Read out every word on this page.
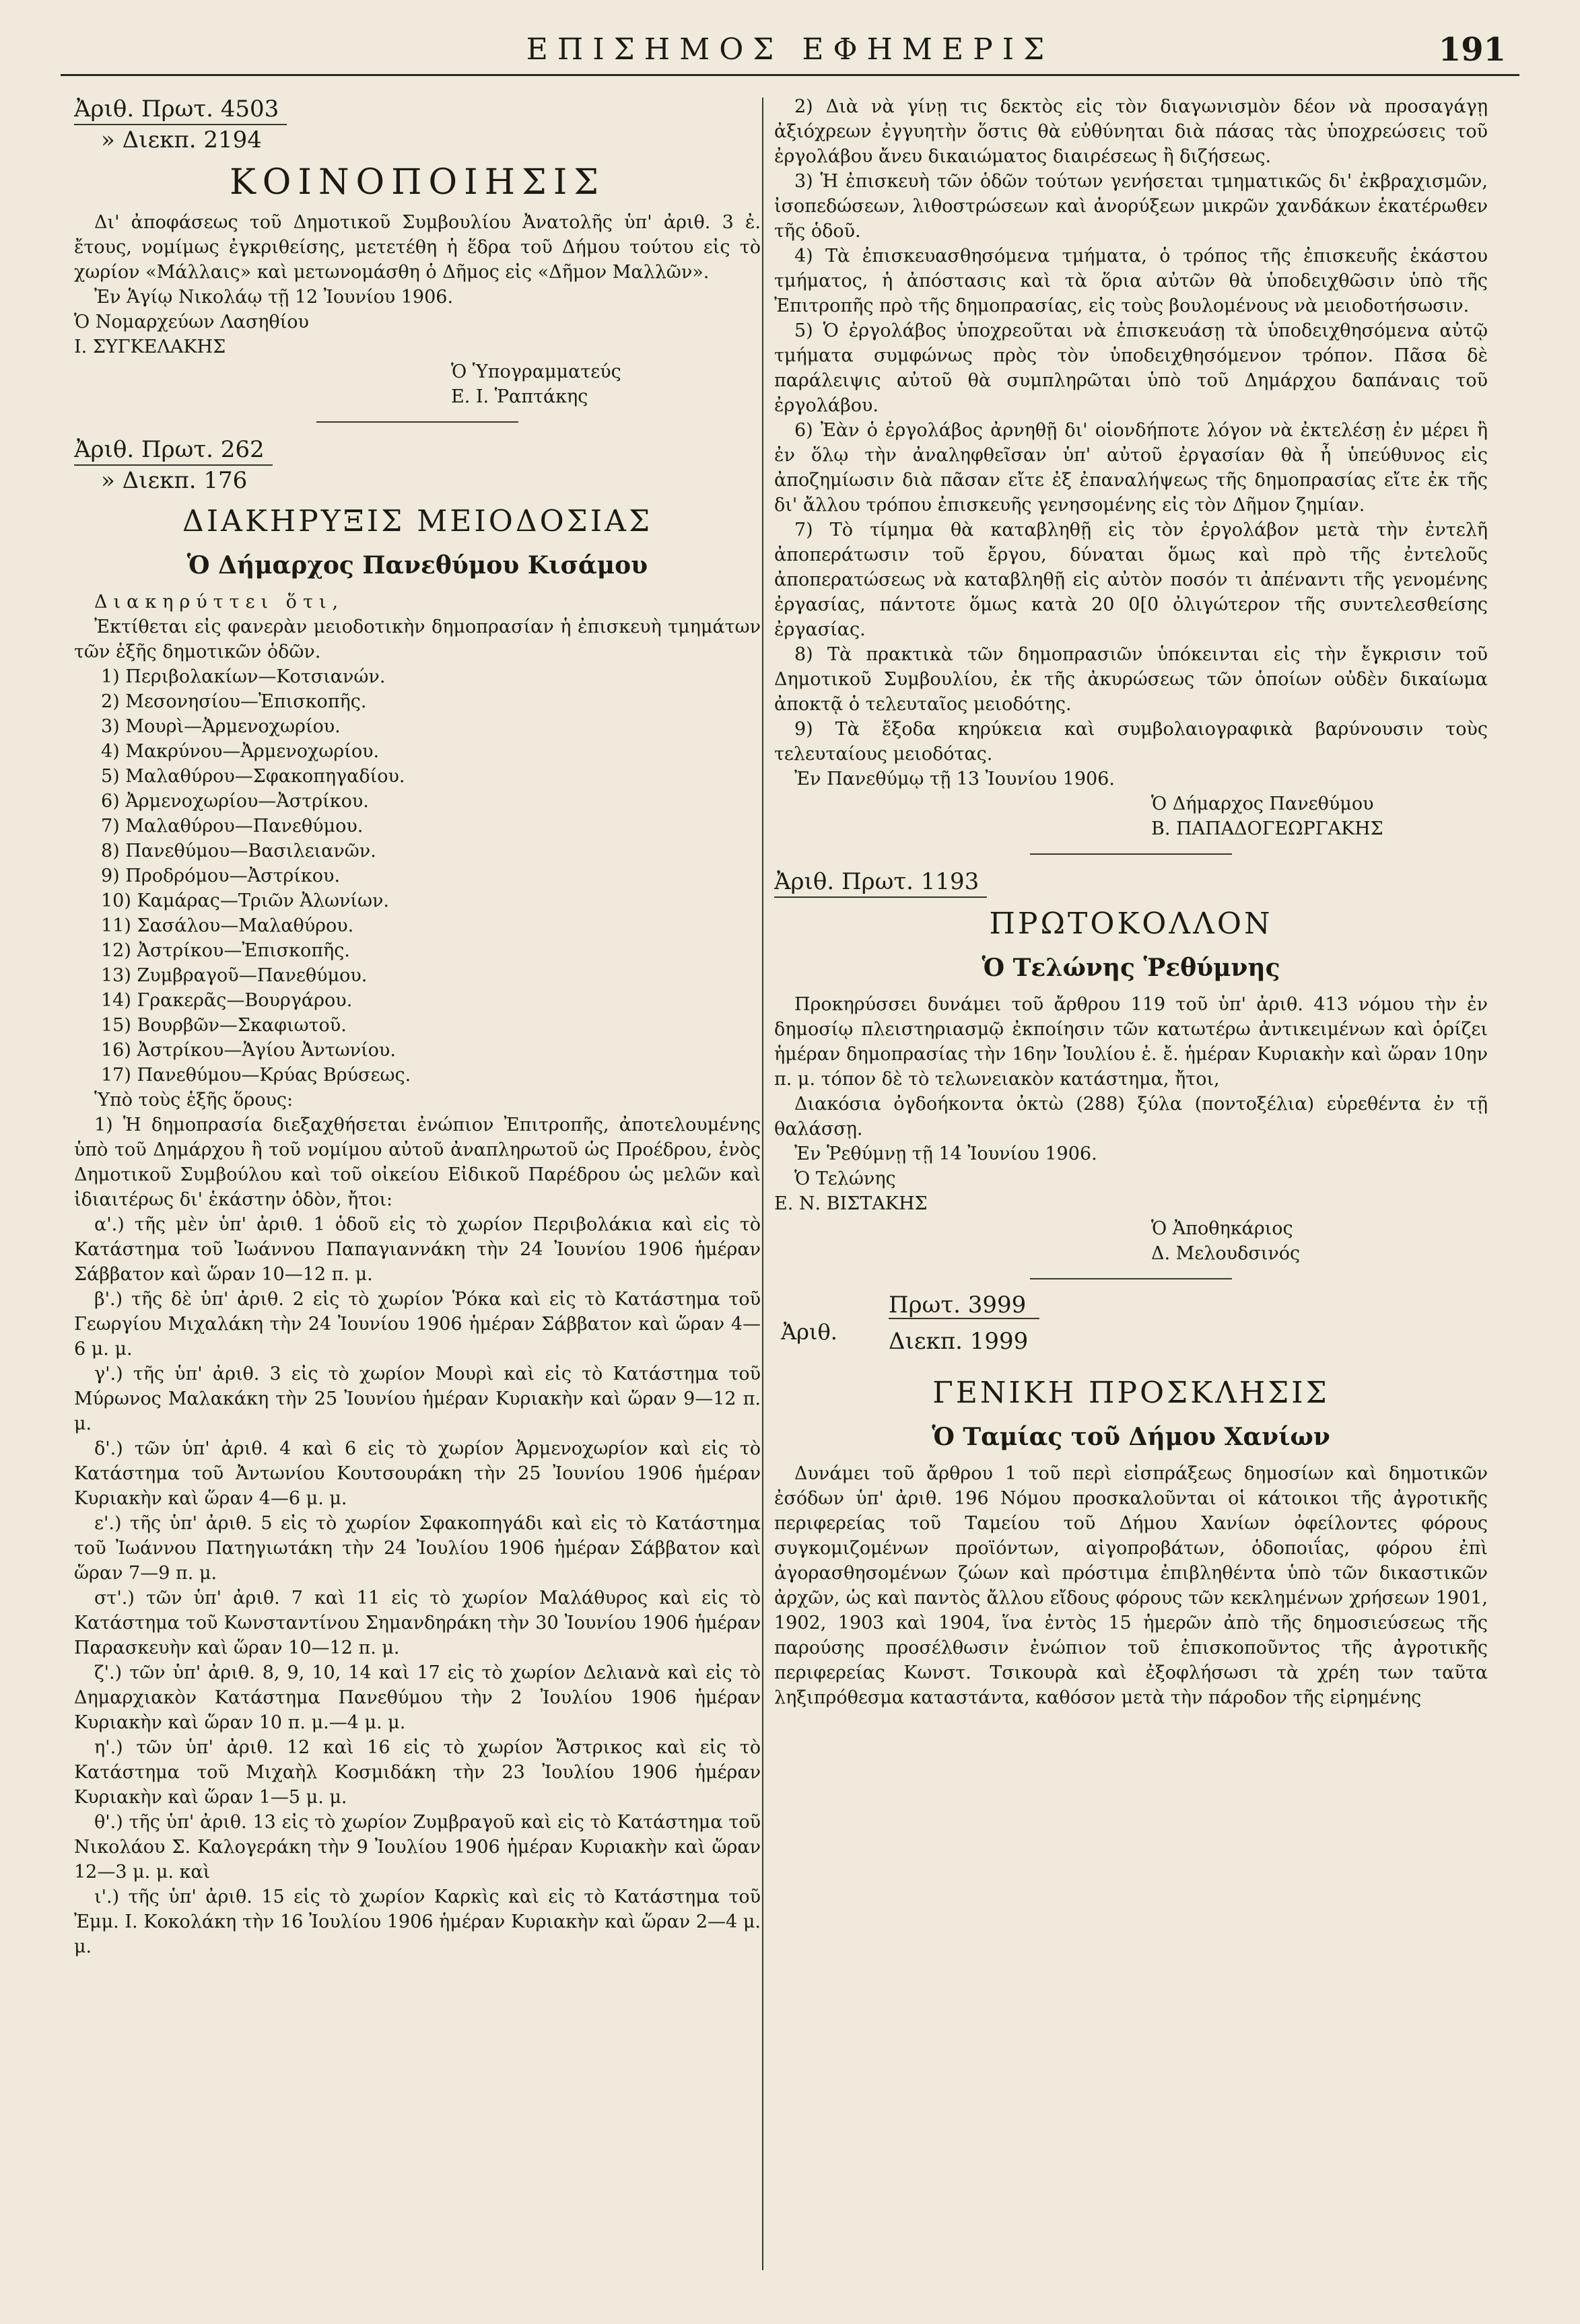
ΕΠΙΣΗΜΟΣ ΕΦΗΜΕΡΙΣ	191

Ἀριθ. Πρωτ. 4503

» Διεκπ. 2194

ΚΟΙΝΟΠΟΙΗΣΙΣ

Δι' ἀποφάσεως τοῦ Δημοτικοῦ Συμβουλίου Ἀνατολῆς ὑπ' ἀριθ. 3 ἐ. ἔτους, νομίμως ἐγκριθείσης, μετετέθη ἡ ἕδρα τοῦ Δήμου τούτου εἰς τὸ χωρίον «Μάλλαις» καὶ μετωνομάσθη ὁ Δῆμος εἰς «Δῆμον Μαλλῶν».

Ἐν Ἁγίῳ Νικολάῳ τῇ 12 Ἰουνίου 1906.

Ὁ Νομαρχεύων Λασηθίου

Ι. ΣΥΓΚΕΛΑΚΗΣ

Ὁ Ὑπογραμματεύς

Ε. Ι. Ῥαπτάκης

Ἀριθ. Πρωτ. 262

» Διεκπ. 176

ΔΙΑΚΗΡΥΞΙΣ ΜΕΙΟΔΟΣΙΑΣ
Ὁ Δήμαρχος Πανεθύμου Κισάμου

Διακηρύττει ὅτι,

Ἐκτίθεται εἰς φανερὰν μειοδοτικὴν δημοπρασίαν ἡ ἐπισκευὴ τμημάτων τῶν ἑξῆς δημοτικῶν ὁδῶν.

1) Περιβολακίων—Κοτσιανών.

2) Μεσονησίου—Ἐπισκοπῆς.

3) Μουρὶ—Ἀρμενοχωρίου.

4) Μακρύνου—Ἀρμενοχωρίου.

5) Μαλαθύρου—Σφακοπηγαδίου.

6) Ἀρμενοχωρίου—Ἀστρίκου.

7) Μαλαθύρου—Πανεθύμου.

8) Πανεθύμου—Βασιλειανῶν.

9) Προδρόμου—Ἀστρίκου.

10) Καμάρας—Τριῶν Ἀλωνίων.

11) Σασάλου—Μαλαθύρου.

12) Ἀστρίκου—Ἐπισκοπῆς.

13) Ζυμβραγοῦ—Πανεθύμου.

14) Γρακερᾶς—Βουργάρου.

15) Βουρβῶν—Σκαφιωτοῦ.

16) Ἀστρίκου—Ἁγίου Ἀντωνίου.

17) Πανεθύμου—Κρύας Βρύσεως.

Ὑπὸ τοὺς ἑξῆς ὅρους:

1) Ἡ δημοπρασία διεξαχθήσεται ἐνώπιον Ἐπιτροπῆς, ἀποτελουμένης ὑπὸ τοῦ Δημάρχου ἢ τοῦ νομίμου αὐτοῦ ἀναπληρωτοῦ ὡς Προέδρου, ἑνὸς Δημοτικοῦ Συμβούλου καὶ τοῦ οἰκείου Εἰδικοῦ Παρέδρου ὡς μελῶν καὶ ἰδιαιτέρως δι' ἑκάστην ὁδὸν, ἤτοι:

α'.) τῆς μὲν ὑπ' ἀριθ. 1 ὁδοῦ εἰς τὸ χωρίον Περιβολάκια καὶ εἰς τὸ Κατάστημα τοῦ Ἰωάννου Παπαγιαννάκη τὴν 24 Ἰουνίου 1906 ἡμέραν Σάββατον καὶ ὥραν 10—12 π. μ.

β'.) τῆς δὲ ὑπ' ἀριθ. 2 εἰς τὸ χωρίον Ῥόκα καὶ εἰς τὸ Κατάστημα τοῦ Γεωργίου Μιχαλάκη τὴν 24 Ἰουνίου 1906 ἡμέραν Σάββατον καὶ ὥραν 4—6 μ. μ.

γ'.) τῆς ὑπ' ἀριθ. 3 εἰς τὸ χωρίον Μουρὶ καὶ εἰς τὸ Κατάστημα τοῦ Μύρωνος Μαλακάκη τὴν 25 Ἰουνίου ἡμέραν Κυριακὴν καὶ ὥραν 9—12 π. μ.

δ'.) τῶν ὑπ' ἀριθ. 4 καὶ 6 εἰς τὸ χωρίον Ἀρμενοχωρίον καὶ εἰς τὸ Κατάστημα τοῦ Ἀντωνίου Κουτσουράκη τὴν 25 Ἰουνίου 1906 ἡμέραν Κυριακὴν καὶ ὥραν 4—6 μ. μ.

ε'.) τῆς ὑπ' ἀριθ. 5 εἰς τὸ χωρίον Σφακοπηγάδι καὶ εἰς τὸ Κατάστημα τοῦ Ἰωάννου Πατηγιωτάκη τὴν 24 Ἰουλίου 1906 ἡμέραν Σάββατον καὶ ὥραν 7—9 π. μ.

στ'.) τῶν ὑπ' ἀριθ. 7 καὶ 11 εἰς τὸ χωρίον Μαλάθυρος καὶ εἰς τὸ Κατάστημα τοῦ Κωνσταντίνου Σημανδηράκη τὴν 30 Ἰουνίου 1906 ἡμέραν Παρασκευὴν καὶ ὥραν 10—12 π. μ.

ζ'.) τῶν ὑπ' ἀριθ. 8, 9, 10, 14 καὶ 17 εἰς τὸ χωρίον Δελιανὰ καὶ εἰς τὸ Δημαρχιακὸν Κατάστημα Πανεθύμου τὴν 2 Ἰουλίου 1906 ἡμέραν Κυριακὴν καὶ ὥραν 10 π. μ.—4 μ. μ.

η'.) τῶν ὑπ' ἀριθ. 12 καὶ 16 εἰς τὸ χωρίον Ἄστρικος καὶ εἰς τὸ Κατάστημα τοῦ Μιχαὴλ Κοσμιδάκη τὴν 23 Ἰουλίου 1906 ἡμέραν Κυριακὴν καὶ ὥραν 1—5 μ. μ.

θ'.) τῆς ὑπ' ἀριθ. 13 εἰς τὸ χωρίον Ζυμβραγοῦ καὶ εἰς τὸ Κατάστημα τοῦ Νικολάου Σ. Καλογεράκη τὴν 9 Ἰουλίου 1906 ἡμέραν Κυριακὴν καὶ ὥραν 12—3 μ. μ. καὶ

ι'.) τῆς ὑπ' ἀριθ. 15 εἰς τὸ χωρίον Καρκὶς καὶ εἰς τὸ Κατάστημα τοῦ Ἐμμ. Ι. Κοκολάκη τὴν 16 Ἰουλίου 1906 ἡμέραν Κυριακὴν καὶ ὥραν 2—4 μ. μ.

2) Διὰ νὰ γίνῃ τις δεκτὸς εἰς τὸν διαγωνισμὸν δέον νὰ προσαγάγῃ ἀξιόχρεων ἐγγυητὴν ὅστις θὰ εὐθύνηται διὰ πάσας τὰς ὑποχρεώσεις τοῦ ἐργολάβου ἄνευ δικαιώματος διαιρέσεως ἢ διζήσεως.

3) Ἡ ἐπισκευὴ τῶν ὁδῶν τούτων γενήσεται τμηματικῶς δι' ἐκβραχισμῶν, ἰσοπεδώσεων, λιθοστρώσεων καὶ ἀνορύξεων μικρῶν χανδάκων ἑκατέρωθεν τῆς ὁδοῦ.

4) Τὰ ἐπισκευασθησόμενα τμήματα, ὁ τρόπος τῆς ἐπισκευῆς ἑκάστου τμήματος, ἡ ἀπόστασις καὶ τὰ ὅρια αὐτῶν θὰ ὑποδειχθῶσιν ὑπὸ τῆς Ἐπιτροπῆς πρὸ τῆς δημοπρασίας, εἰς τοὺς βουλομένους νὰ μειοδοτήσωσιν.

5) Ὁ ἐργολάβος ὑποχρεοῦται νὰ ἐπισκευάσῃ τὰ ὑποδειχθησόμενα αὐτῷ τμήματα συμφώνως πρὸς τὸν ὑποδειχθησόμενον τρόπον. Πᾶσα δὲ παράλειψις αὐτοῦ θὰ συμπληρῶται ὑπὸ τοῦ Δημάρχου δαπάναις τοῦ ἐργολάβου.

6) Ἐὰν ὁ ἐργολάβος ἀρνηθῇ δι' οἱονδήποτε λόγον νὰ ἐκτελέσῃ ἐν μέρει ἢ ἐν ὅλῳ τὴν ἀναληφθεῖσαν ὑπ' αὐτοῦ ἐργασίαν θὰ ἦ ὑπεύθυνος εἰς ἀποζημίωσιν διὰ πᾶσαν εἴτε ἐξ ἐπαναλήψεως τῆς δημοπρασίας εἴτε ἐκ τῆς δι' ἄλλου τρόπου ἐπισκευῆς γενησομένης εἰς τὸν Δῆμον ζημίαν.

7) Τὸ τίμημα θὰ καταβληθῇ εἰς τὸν ἐργολάβον μετὰ τὴν ἐντελῆ ἀποπεράτωσιν τοῦ ἔργου, δύναται ὅμως καὶ πρὸ τῆς ἐντελοῦς ἀποπερατώσεως νὰ καταβληθῇ εἰς αὐτὸν ποσόν τι ἀπέναντι τῆς γενομένης ἐργασίας, πάντοτε ὅμως κατὰ 20 0[0 ὀλιγώτερον τῆς συντελεσθείσης ἐργασίας.

8) Τὰ πρακτικὰ τῶν δημοπρασιῶν ὑπόκεινται εἰς τὴν ἔγκρισιν τοῦ Δημοτικοῦ Συμβουλίου, ἐκ τῆς ἀκυρώσεως τῶν ὁποίων οὐδὲν δικαίωμα ἀποκτᾷ ὁ τελευταῖος μειοδότης.

9) Τὰ ἔξοδα κηρύκεια καὶ συμβολαιογραφικὰ βαρύνουσιν τοὺς τελευταίους μειοδότας.

Ἐν Πανεθύμῳ τῇ 13 Ἰουνίου 1906.

Ὁ Δήμαρχος Πανεθύμου

Β. ΠΑΠΑΔΟΓΕΩΡΓΑΚΗΣ

Ἀριθ. Πρωτ. 1193

ΠΡΩΤΟΚΟΛΛΟΝ
Ὁ Τελώνης Ῥεθύμνης

Προκηρύσσει δυνάμει τοῦ ἄρθρου 119 τοῦ ὑπ' ἀριθ. 413 νόμου τὴν ἐν δημοσίῳ πλειστηριασμῷ ἐκποίησιν τῶν κατωτέρω ἀντικειμένων καὶ ὁρίζει ἡμέραν δημοπρασίας τὴν 16ην Ἰουλίου ἐ. ἔ. ἡμέραν Κυριακὴν καὶ ὥραν 10ην π. μ. τόπον δὲ τὸ τελωνειακὸν κατάστημα, ἤτοι,

Διακόσια ὀγδοήκοντα ὀκτὼ (288) ξύλα (ποντοξέλια) εὑρεθέντα ἐν τῇ θαλάσσῃ.

Ἐν Ῥεθύμνῃ τῇ 14 Ἰουνίου 1906.

Ὁ Τελώνης

Ε. Ν. ΒΙΣΤΑΚΗΣ

Ὁ Ἀποθηκάριος

Δ. Μελουδσινός

Ἀριθ.
Πρωτ. 3999
Διεκπ. 1999
ΓΕΝΙΚΗ ΠΡΟΣΚΛΗΣΙΣ
Ὁ Ταμίας τοῦ Δήμου Χανίων

Δυνάμει τοῦ ἄρθρου 1 τοῦ περὶ εἰσπράξεως δημοσίων καὶ δημοτικῶν ἐσόδων ὑπ' ἀριθ. 196 Νόμου προσκαλοῦνται οἱ κάτοικοι τῆς ἀγροτικῆς περιφερείας τοῦ Ταμείου τοῦ Δήμου Χανίων ὀφείλοντες φόρους συγκομιζομένων προϊόντων, αἰγοπροβάτων, ὁδοποιΐας, φόρου ἐπὶ ἀγορασθησομένων ζώων καὶ πρόστιμα ἐπιβληθέντα ὑπὸ τῶν δικαστικῶν ἀρχῶν, ὡς καὶ παντὸς ἄλλου εἴδους φόρους τῶν κεκλημένων χρήσεων 1901, 1902, 1903 καὶ 1904, ἵνα ἐντὸς 15 ἡμερῶν ἀπὸ τῆς δημοσιεύσεως τῆς παρούσης προσέλθωσιν ἐνώπιον τοῦ ἐπισκοποῦντος τῆς ἀγροτικῆς περιφερείας Κωνστ. Τσικουρὰ καὶ ἐξοφλήσωσι τὰ χρέη των ταῦτα ληξιπρόθεσμα καταστάντα, καθόσον μετὰ τὴν πάροδον τῆς εἰρημένης
